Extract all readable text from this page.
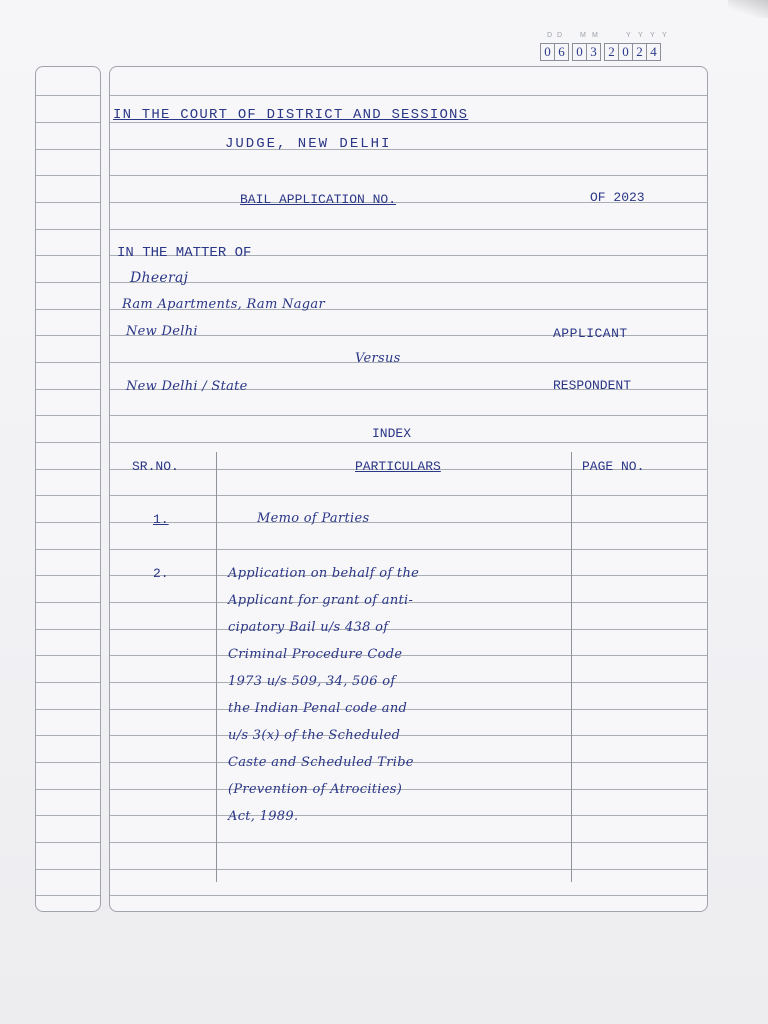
D D M M	Y Y Y Y
0 6 0 3 2 0 2 4
IN THE COURT OF DISTRICT AND SESSIONS
JUDGE, NEW DELHI
BAIL APPLICATION NO.	OF 2023
IN THE MATTER OF
Dheeraj
Ram Apartments, Ram Nagar
New Delhi	APPLICANT
Versus
New Delhi / State	RESPONDENT
INDEX
SR.NO.	PARTICULARS	PAGE NO.
1.	Memo of Parties
2.	Application on behalf of the
Applicant for grant of anti-
cipatory Bail u/s 438 of
Criminal Procedure Code
1973 u/s 509, 34, 506 of
the Indian Penal code and
u/s 3(x) of the Scheduled
Caste and Scheduled Tribe
(Prevention of Atrocities)
Act, 1989.
